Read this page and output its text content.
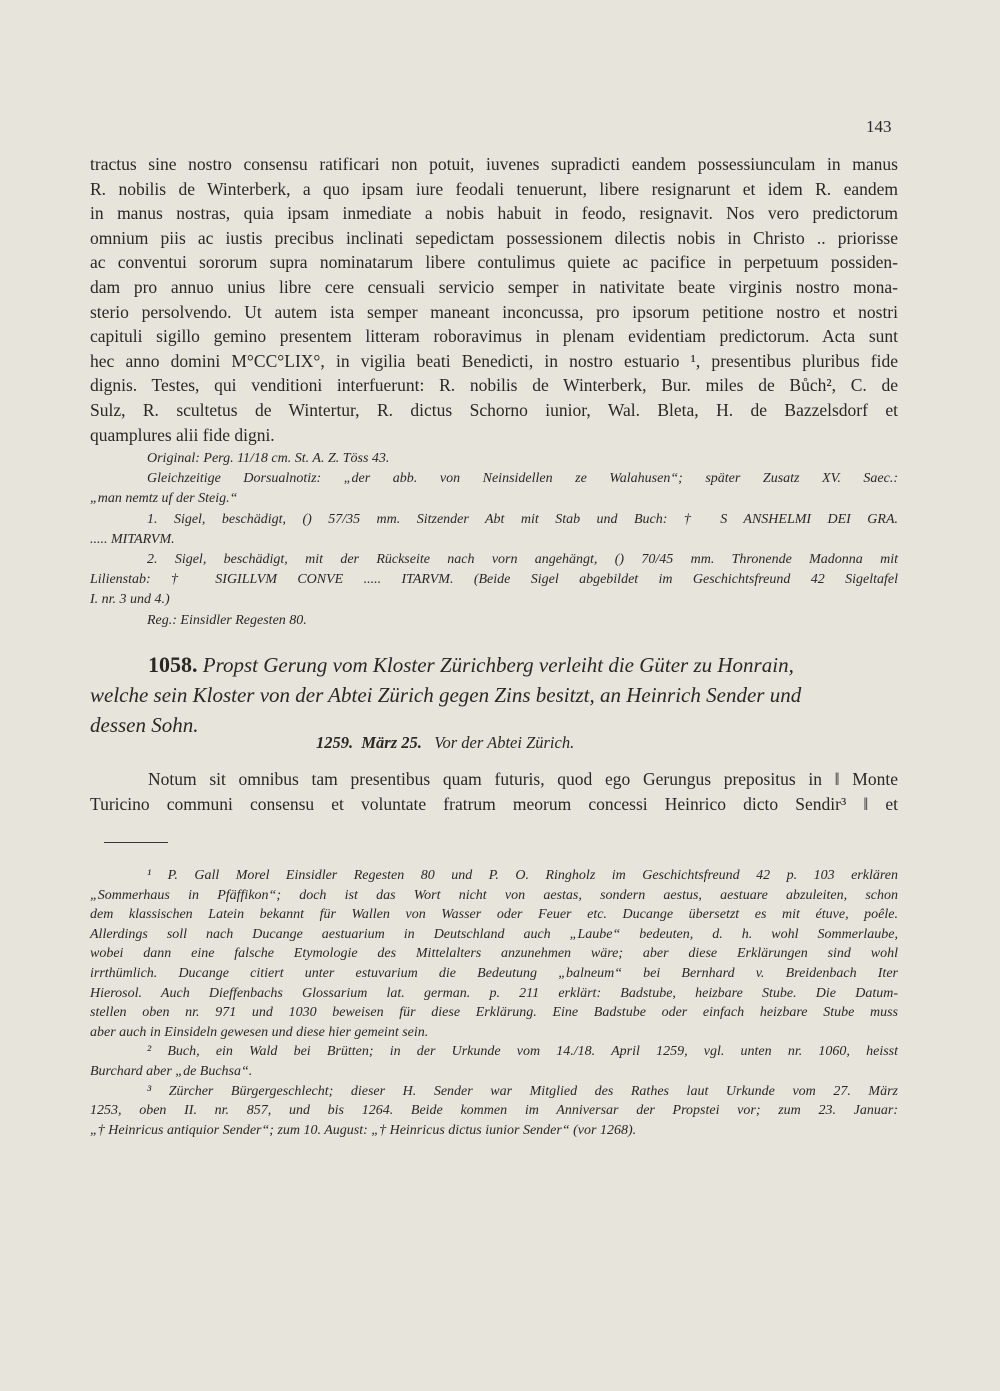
143
tractus sine nostro consensu ratificari non potuit, iuvenes supradicti eandem possessiunculam in manus
R. nobilis de Winterberk, a quo ipsam iure feodali tenuerunt, libere resignarunt et idem R. eandem
in manus nostras, quia ipsam inmediate a nobis habuit in feodo, resignavit. Nos vero predictorum
omnium piis ac iustis precibus inclinati sepedictam possessionem dilectis nobis in Christo .. priorisse
ac conventui sororum supra nominatarum libere contulimus quiete ac pacifice in perpetuum possiden-
dam pro annuo unius libre cere censuali servicio semper in nativitate beate virginis nostro mona-
sterio persolvendo. Ut autem ista semper maneant inconcussa, pro ipsorum petitione nostro et nostri
capituli sigillo gemino presentem litteram roboravimus in plenam evidentiam predictorum. Acta sunt
hec anno domini M°CC°LIX°, in vigilia beati Benedicti, in nostro estuario ¹, presentibus pluribus fide
dignis. Testes, qui venditioni interfuerunt: R. nobilis de Winterberk, Bur. miles de Bůch², C. de
Sulz, R. scultetus de Wintertur, R. dictus Schorno iunior, Wal. Bleta, H. de Bazzelsdorf et
quamplures alii fide digni.
Original: Perg. 11/18 cm. St. A. Z. Töss 43.
Gleichzeitige Dorsualnotiz: „der abb. von Neinsidellen ze Walahusen“; später Zusatz XV. Saec.:
„man nemtz uf der Steig.“
1. Sigel, beschädigt, () 57/35 mm. Sitzender Abt mit Stab und Buch: † S ANSHELMI DEI GRA.
..... MITARVM.
2. Sigel, beschädigt, mit der Rückseite nach vorn angehängt, () 70/45 mm. Thronende Madonna mit
Lilienstab: † SIGILLVM CONVE ..... ITARVM. (Beide Sigel abgebildet im Geschichtsfreund 42 Sigeltafel
I. nr. 3 und 4.)
Reg.: Einsidler Regesten 80.
1058. Propst Gerung vom Kloster Zürichberg verleiht die Güter zu Honrain,
welche sein Kloster von der Abtei Zürich gegen Zins besitzt, an Heinrich Sender und
dessen Sohn.
1259. März 25. Vor der Abtei Zürich.
Notum sit omnibus tam presentibus quam futuris, quod ego Gerungus prepositus in ‖ Monte
Turicino communi consensu et voluntate fratrum meorum concessi Heinrico dicto Sendir³ ‖ et
¹ P. Gall Morel Einsidler Regesten 80 und P. O. Ringholz im Geschichtsfreund 42 p. 103 erklären
„Sommerhaus in Pfäffikon“; doch ist das Wort nicht von aestas, sondern aestus, aestuare abzuleiten, schon
dem klassischen Latein bekannt für Wallen von Wasser oder Feuer etc. Ducange übersetzt es mit étuve, poêle.
Allerdings soll nach Ducange aestuarium in Deutschland auch „Laube“ bedeuten, d. h. wohl Sommerlaube,
wobei dann eine falsche Etymologie des Mittelalters anzunehmen wäre; aber diese Erklärungen sind wohl
irrthümlich. Ducange citiert unter estuvarium die Bedeutung „balneum“ bei Bernhard v. Breidenbach Iter
Hierosol. Auch Dieffenbachs Glossarium lat. german. p. 211 erklärt: Badstube, heizbare Stube. Die Datum-
stellen oben nr. 971 und 1030 beweisen für diese Erklärung. Eine Badstube oder einfach heizbare Stube muss
aber auch in Einsideln gewesen und diese hier gemeint sein.
² Buch, ein Wald bei Brütten; in der Urkunde vom 14./18. April 1259, vgl. unten nr. 1060, heisst
Burchard aber „de Buchsa“.
³ Zürcher Bürgergeschlecht; dieser H. Sender war Mitglied des Rathes laut Urkunde vom 27. März
1253, oben II. nr. 857, und bis 1264. Beide kommen im Anniversar der Propstei vor; zum 23. Januar:
„† Heinricus antiquior Sender“; zum 10. August: „† Heinricus dictus iunior Sender“ (vor 1268).
